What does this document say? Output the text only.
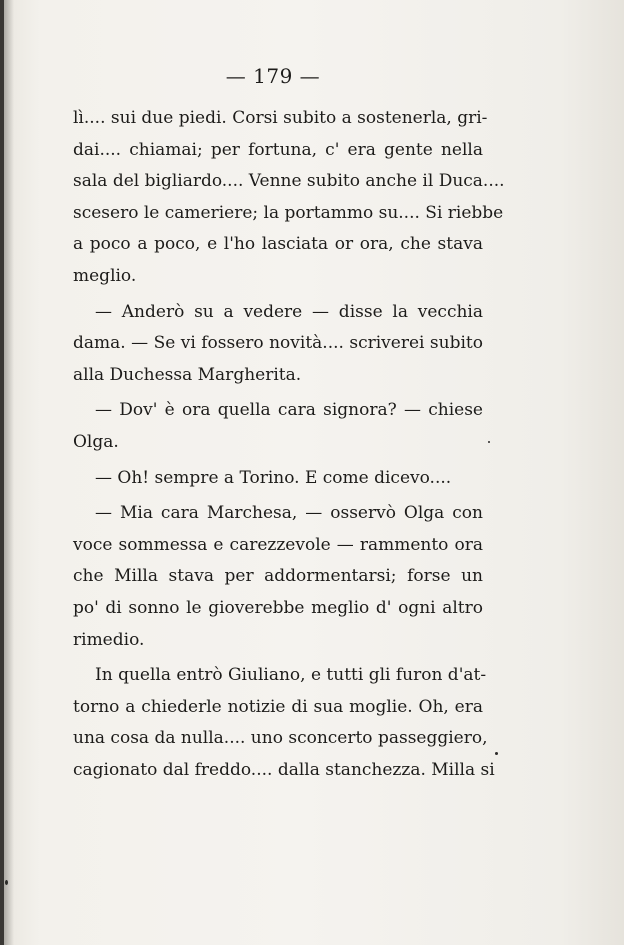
— 179 —
lì.... sui due piedi. Corsi subito a sostenerla, gri-
dai.... chiamai; per fortuna, c' era gente nella
sala del bigliardo.... Venne subito anche il Duca....
scesero le cameriere; la portammo su.... Si riebbe
a poco a poco, e l'ho lasciata or ora, che stava
meglio.
— Anderò su a vedere — disse la vecchia
dama. — Se vi fossero novità.... scriverei subito
alla Duchessa Margherita.
— Dov' è ora quella cara signora? — chiese
Olga.
— Oh! sempre a Torino. E come dicevo....
— Mia cara Marchesa, — osservò Olga con
voce sommessa e carezzevole — rammento ora
che Milla stava per addormentarsi; forse un
po' di sonno le gioverebbe meglio d' ogni altro
rimedio.
In quella entrò Giuliano, e tutti gli furon d'at-
torno a chiederle notizie di sua moglie. Oh, era
una cosa da nulla.... uno sconcerto passeggiero,
cagionato dal freddo.... dalla stanchezza. Milla si
